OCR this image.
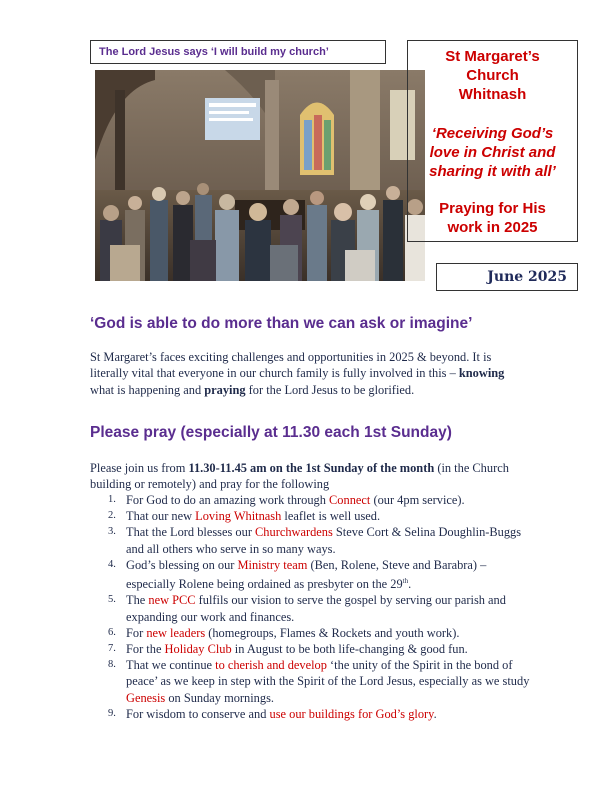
The Lord Jesus says ‘I will build my church’	St Margaret’s
Church
Whitnash
‘Receiving God’s
love in Christ and
sharing it with all’
Praying for His
work in 2025
June 2025
‘God is able to do more than we can ask or imagine’

St Margaret’s faces exciting challenges and opportunities in 2025 & beyond. It is literally vital that everyone in our church family is fully involved in this – knowing what is happening and praying for the Lord Jesus to be glorified.

Please pray (especially at 11.30 each 1st Sunday)

Please join us from 11.30-11.45 am on the 1st Sunday of the month (in the Church building or remotely) and pray for the following

1. For God to do an amazing work through Connect (our 4pm service).
2. That our new Loving Whitnash leaflet is well used.
3. That the Lord blesses our Churchwardens Steve Cort & Selina Doughlin-Buggs and all others who serve in so many ways.
4. God’s blessing on our Ministry team (Ben, Rolene, Steve and Barabra) – especially Rolene being ordained as presbyter on the 29th.
5. The new PCC fulfils our vision to serve the gospel by serving our parish and expanding our work and finances.
6. For new leaders (homegroups, Flames & Rockets and youth work).
7. For the Holiday Club in August to be both life-changing & good fun.
8. That we continue to cherish and develop ‘the unity of the Spirit in the bond of peace’ as we keep in step with the Spirit of the Lord Jesus, especially as we study Genesis on Sunday mornings.
9. For wisdom to conserve and use our buildings for God’s glory.
